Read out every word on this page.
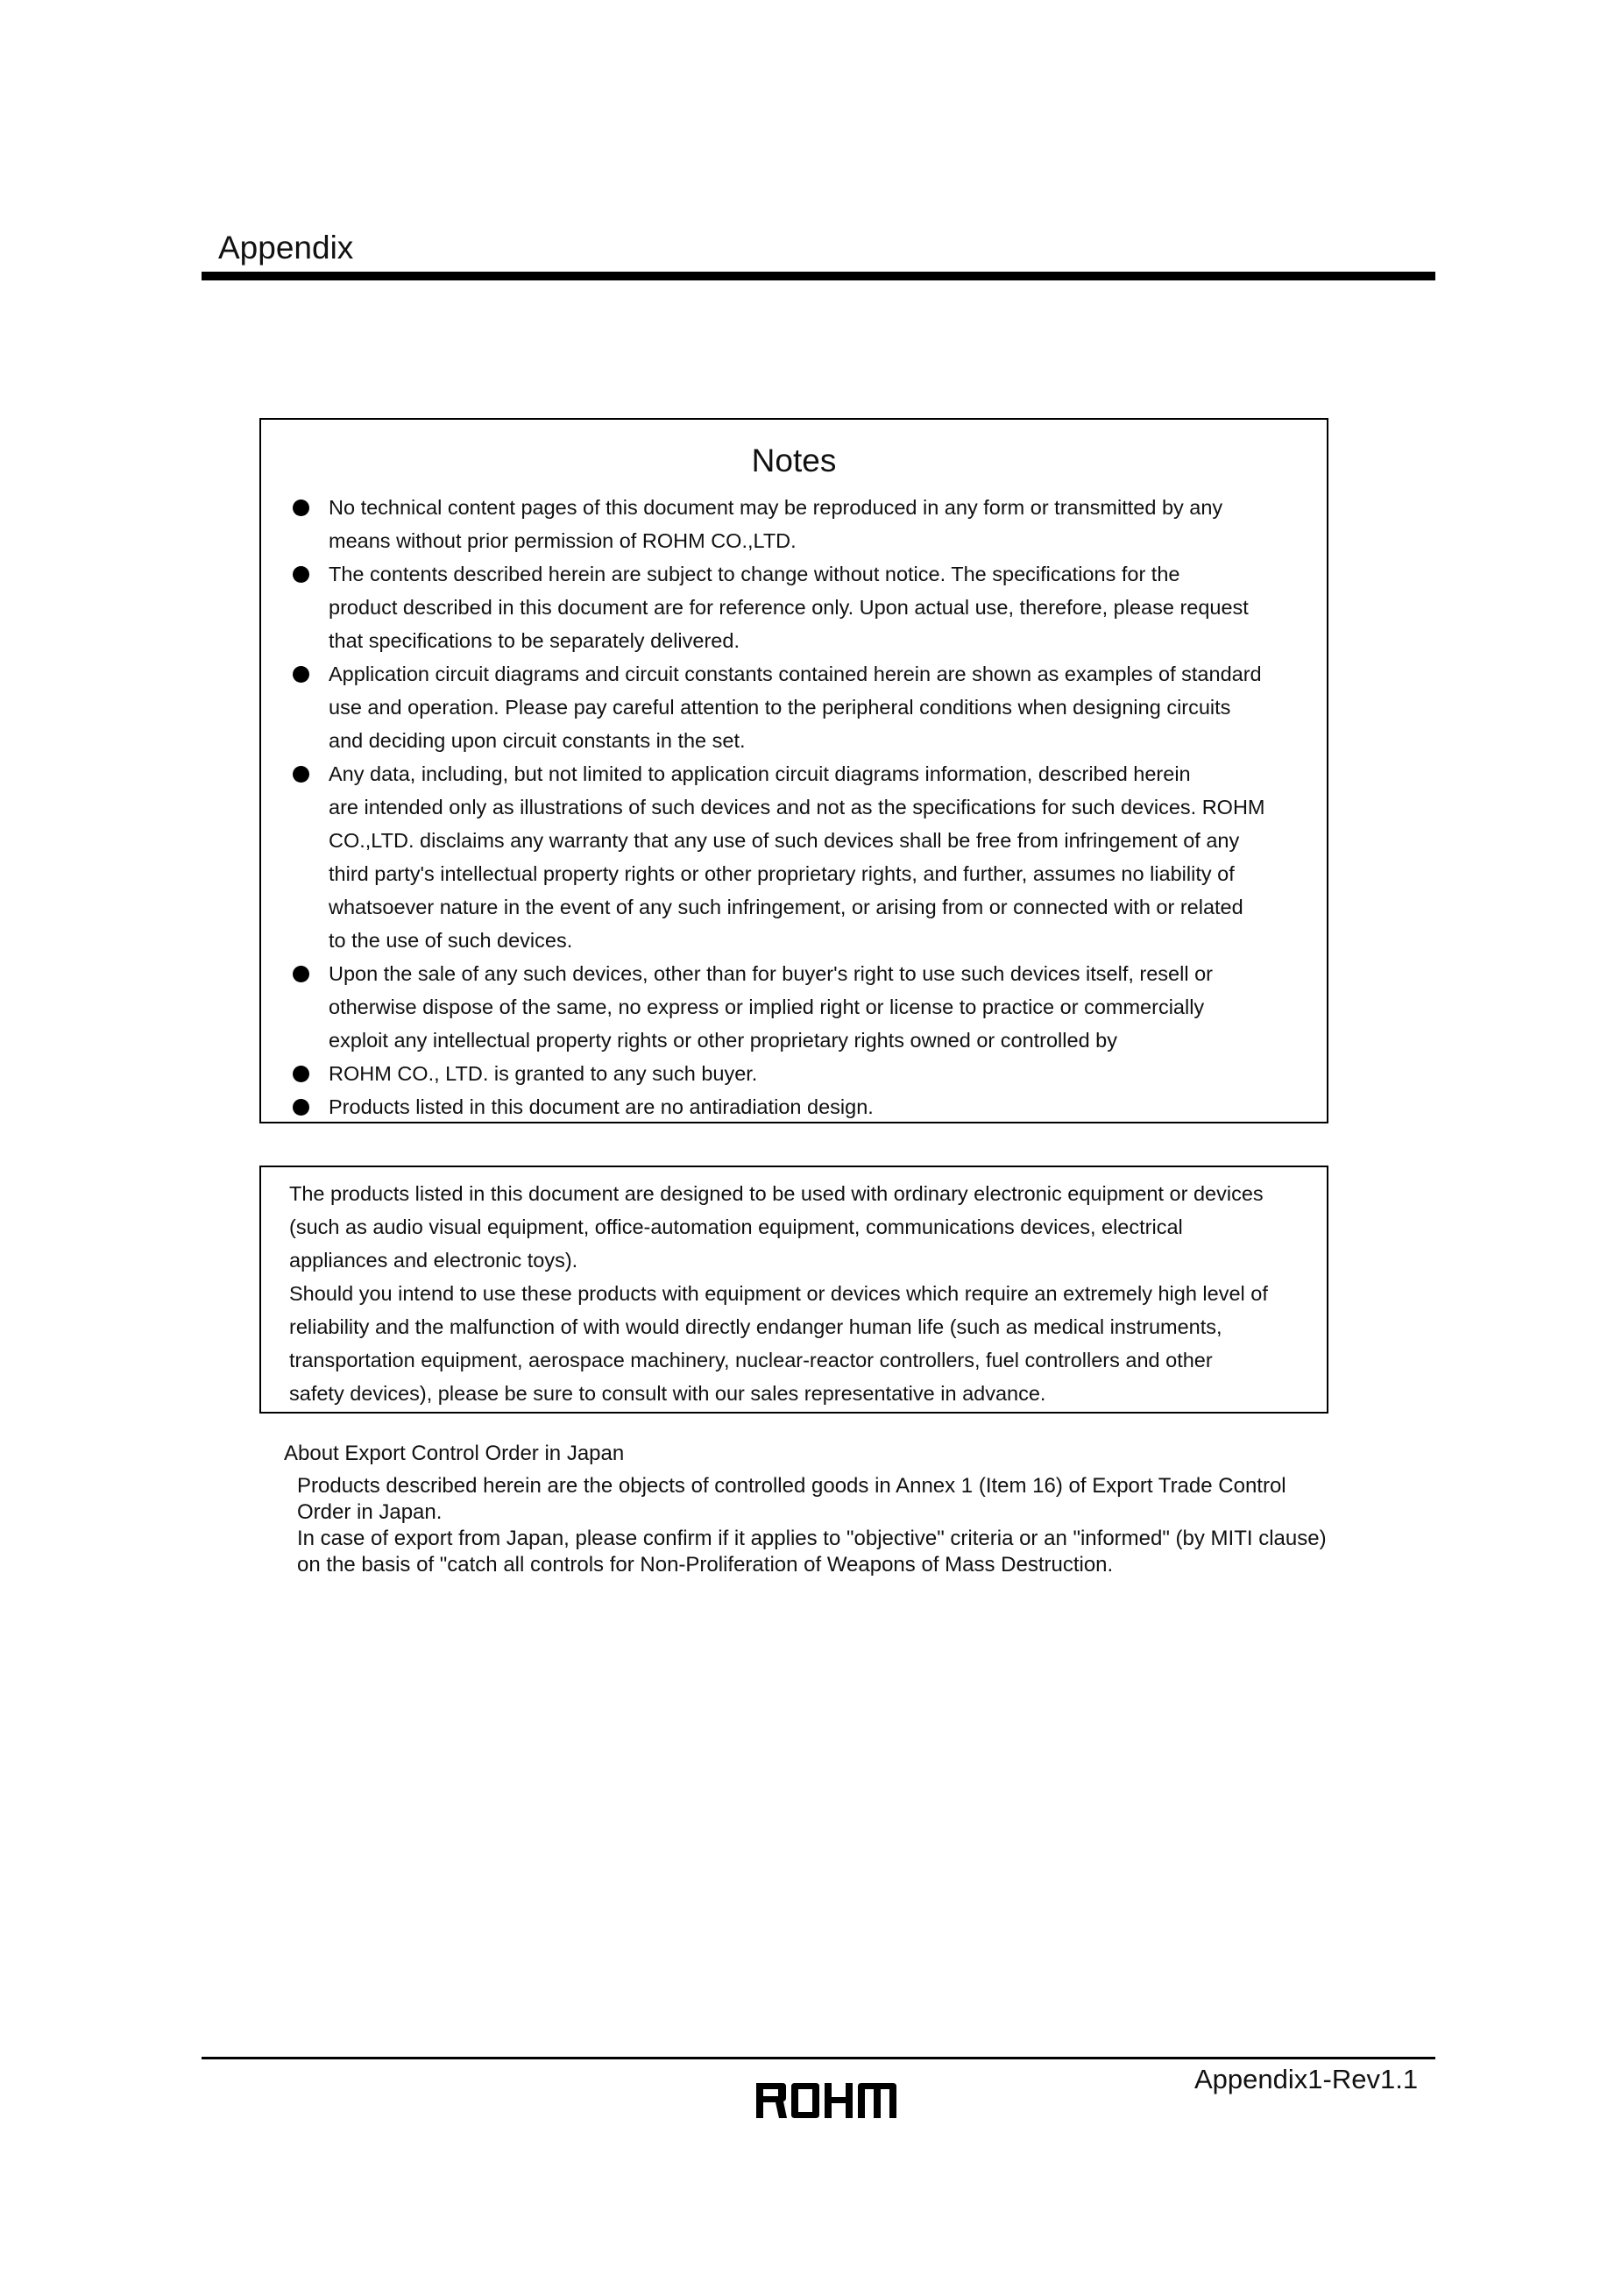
Appendix
Notes
No technical content pages of this document may be reproduced in any form or transmitted by any
means without prior permission of ROHM CO.,LTD.
The contents described herein are subject to change without notice. The specifications for the
product described in this document are for reference only. Upon actual use, therefore, please request
that specifications to be separately delivered.
Application circuit diagrams and circuit constants contained herein are shown as examples of standard
use and operation. Please pay careful attention to the peripheral conditions when designing circuits
and deciding upon circuit constants in the set.
Any data, including, but not limited to application circuit diagrams information, described herein
are intended only as illustrations of such devices and not as the specifications for such devices. ROHM
CO.,LTD. disclaims any warranty that any use of such devices shall be free from infringement of any
third party's intellectual property rights or other proprietary rights, and further, assumes no liability of
whatsoever nature in the event of any such infringement, or arising from or connected with or related
to the use of such devices.
Upon the sale of any such devices, other than for buyer's right to use such devices itself, resell or
otherwise dispose of the same, no express or implied right or license to practice or commercially
exploit any intellectual property rights or other proprietary rights owned or controlled by
ROHM CO., LTD. is granted to any such buyer.
Products listed in this document are no antiradiation design.

The products listed in this document are designed to be used with ordinary electronic equipment or devices

(such as audio visual equipment, office-automation equipment, communications devices, electrical

appliances and electronic toys).

Should you intend to use these products with equipment or devices which require an extremely high level of

reliability and the malfunction of with would directly endanger human life (such as medical instruments,

transportation equipment, aerospace machinery, nuclear-reactor controllers, fuel controllers and other

safety devices), please be sure to consult with our sales representative in advance.

About Export Control Order in Japan

Products described herein are the objects of controlled goods in Annex 1 (Item 16) of Export Trade Control

Order in Japan.

In case of export from Japan, please confirm if it applies to "objective" criteria or an "informed" (by MITI clause)

on the basis of "catch all controls for Non-Proliferation of Weapons of Mass Destruction.

Appendix1-Rev1.1
